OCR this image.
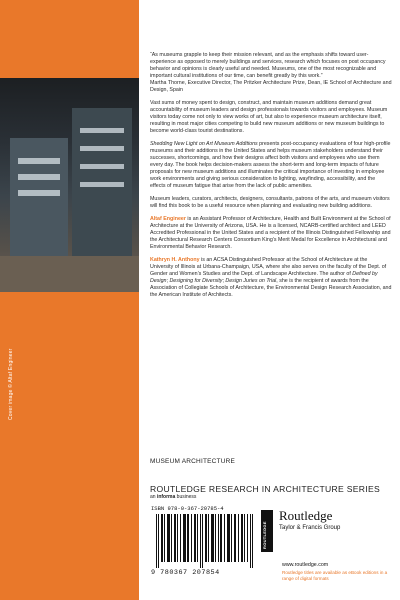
Cover image © Altaf Engineer

“As museums grapple to keep their mission relevant, and as the emphasis shifts toward user-experience as opposed to merely buildings and services, research which focuses on post occupancy behavior and opinions is clearly useful and needed. Museums, one of the most recognizable and important cultural institutions of our time, can benefit greatly by this work.”
Martha Thorne, Executive Director, The Pritzker Architecture Prize, Dean, IE School of Architecture and Design, Spain

Vast sums of money spent to design, construct, and maintain museum additions demand great accountability of museum leaders and design professionals towards visitors and employees. Museum visitors today come not only to view works of art, but also to experience museum architecture itself, resulting in most major cities competing to build new museum additions or new museum buildings to become world-class tourist destinations.

Shedding New Light on Art Museum Additions presents post-occupancy evaluations of four high-profile museums and their additions in the United States and helps museum stakeholders understand their successes, shortcomings, and how their designs affect both visitors and employees who use them every day. The book helps decision-makers assess the short-term and long-term impacts of future proposals for new museum additions and illuminates the critical importance of investing in employee work environments and giving serious consideration to lighting, wayfinding, accessibility, and the effects of museum fatigue that arise from the lack of public amenities.

Museum leaders, curators, architects, designers, consultants, patrons of the arts, and museum visitors will find this book to be a useful resource when planning and evaluating new building additions.

Altaf Engineer is an Assistant Professor of Architecture, Health and Built Environment at the School of Architecture at the University of Arizona, USA. He is a licensed, NCARB-certified architect and LEED Accredited Professional in the United States and a recipient of the Illinois Distinguished Fellowship and the Architectural Research Centers Consortium King’s Merit Medal for Excellence in Architectural and Environmental Behavior Research.

Kathryn H. Anthony is an ACSA Distinguished Professor at the School of Architecture at the University of Illinois at Urbana-Champaign, USA, where she also serves on the faculty of the Dept. of Gender and Women’s Studies and the Dept. of Landscape Architecture. The author of Defined by Design; Designing for Diversity; Design Juries on Trial, she is the recipient of awards from the Association of Collegiate Schools of Architecture, the Environmental Design Research Association, and the American Institute of Architects.

MUSEUM ARCHITECTURE
ROUTLEDGE RESEARCH IN ARCHITECTURE SERIES
an informa business
ISBN 978-0-367-20785-4
9 780367 207854
ROUTLEDGE
Routledge
Taylor & Francis Group
www.routledge.com
Routledge titles are available as eBook editions in a range of digital formats
